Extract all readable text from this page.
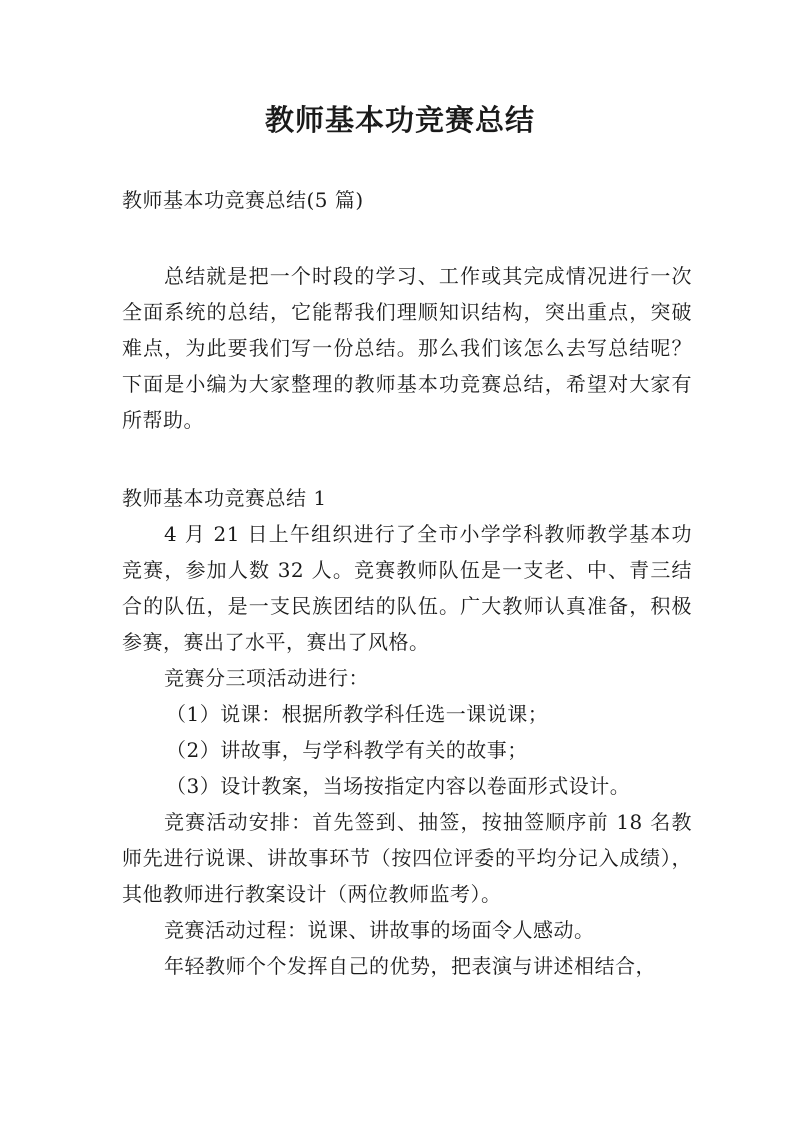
教师基本功竞赛总结

教师基本功竞赛总结(5 篇)

总结就是把一个时段的学习、工作或其完成情况进行一次全面系统的总结，它能帮我们理顺知识结构，突出重点，突破难点，为此要我们写一份总结。那么我们该怎么去写总结呢？下面是小编为大家整理的教师基本功竞赛总结，希望对大家有所帮助。

教师基本功竞赛总结 1

4 月 21 日上午组织进行了全市小学学科教师教学基本功竞赛，参加人数 32 人。竞赛教师队伍是一支老、中、青三结合的队伍，是一支民族团结的队伍。广大教师认真准备，积极参赛，赛出了水平，赛出了风格。

竞赛分三项活动进行：

（1）说课：根据所教学科任选一课说课；

（2）讲故事，与学科教学有关的故事；

（3）设计教案，当场按指定内容以卷面形式设计。

竞赛活动安排：首先签到、抽签，按抽签顺序前 18 名教师先进行说课、讲故事环节（按四位评委的平均分记入成绩），其他教师进行教案设计（两位教师监考）。

竞赛活动过程：说课、讲故事的场面令人感动。

年轻教师个个发挥自己的优势，把表演与讲述相结合，
